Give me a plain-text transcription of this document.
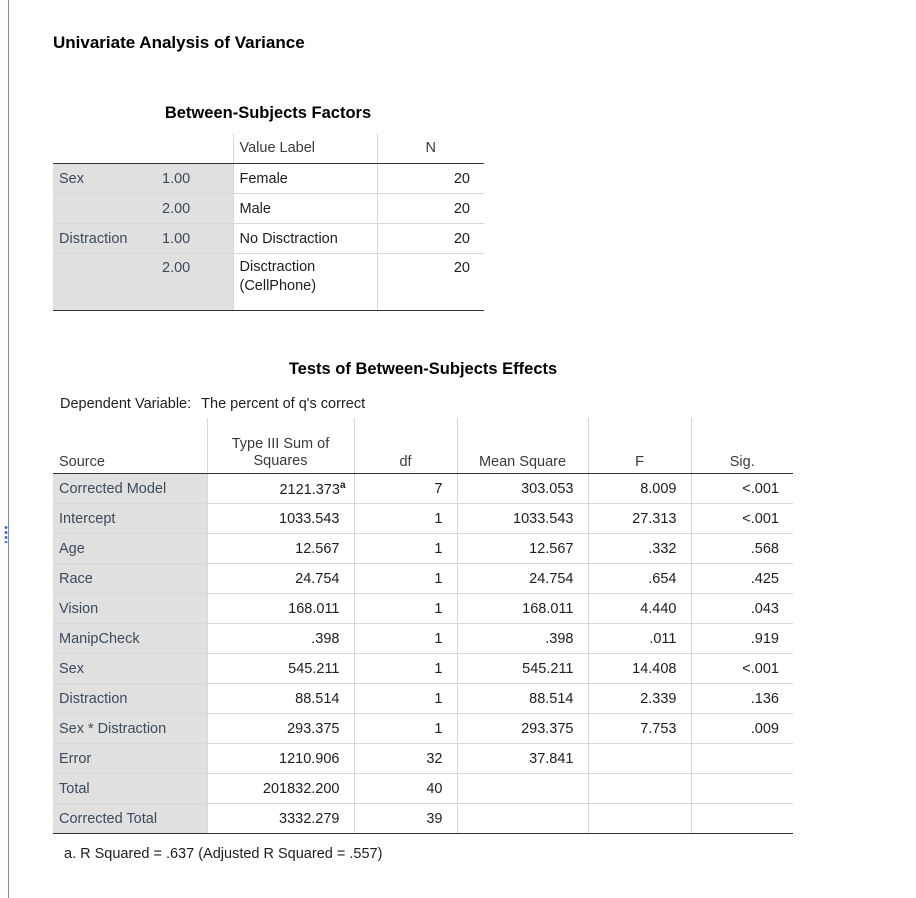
Univariate Analysis of Variance
Between-Subjects Factors
		Value Label	N
Sex	1.00	Female	20
	2.00	Male	20
Distraction	1.00	No Disctraction	20
	2.00	Disctraction (CellPhone)	20
Tests of Between-Subjects Effects
Dependent Variable: The percent of q's correct
Source	Type III Sum of Squares	df	Mean Square	F	Sig.
Corrected Model	2121.373$^a$	7	303.053	8.009	<.001
Intercept	1033.543	1	1033.543	27.313	<.001
Age	12.567	1	12.567	.332	.568
Race	24.754	1	24.754	.654	.425
Vision	168.011	1	168.011	4.440	.043
ManipCheck	.398	1	.398	.011	.919
Sex	545.211	1	545.211	14.408	<.001
Distraction	88.514	1	88.514	2.339	.136
Sex * Distraction	293.375	1	293.375	7.753	.009
Error	1210.906	32	37.841		
Total	201832.200	40			
Corrected Total	3332.279	39			
a. R Squared = .637 (Adjusted R Squared = .557)
